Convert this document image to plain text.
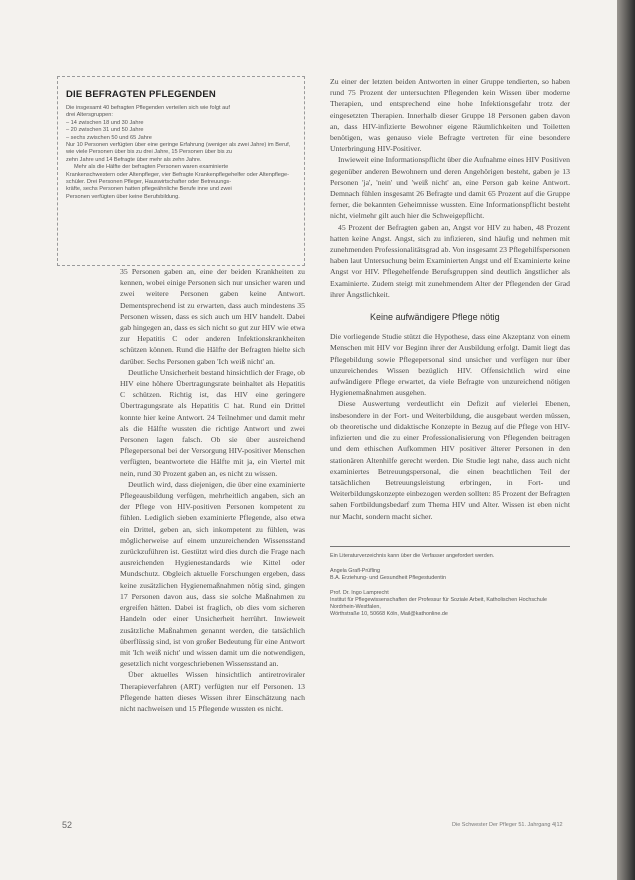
DIE BEFRAGTEN PFLEGENDEN

Die insgesamt 40 befragten Pflegenden verteilen sich wie folgt auf

drei Altersgruppen:

– 14 zwischen 18 und 30 Jahre

– 20 zwischen 31 und 50 Jahre

– sechs zwischen 50 und 65 Jahre

Nur 10 Personen verfügten über eine geringe Erfahrung (weniger als zwei Jahre) im Beruf,

wie viele Personen über bis zu drei Jahre, 15 Personen über bis zu

zehn Jahre und 14 Befragte über mehr als zehn Jahre.

Mehr als die Hälfte der befragten Personen waren examinierte

Krankenschwestern oder Altenpfleger, vier Befragte Krankenpflegehelfer oder Altenpflege-

schüler. Drei Personen Pfleger, Hauswirtschafter oder Betreuungs-

kräfte, sechs Personen hatten pflegeähnliche Berufe inne und zwei

Personen verfügten über keine Berufsbildung.

35 Personen gaben an, eine der beiden Krankheiten zu kennen, wobei einige Personen sich nur unsicher waren und zwei weitere Personen gaben keine Antwort. Dementsprechend ist zu erwarten, dass auch mindestens 35 Personen wissen, dass es sich auch um HIV handelt. Dabei gab hingegen an, dass es sich nicht so gut zur HIV wie etwa zur Hepatitis C oder anderen Infektionskrankheiten schützen können. Rund die Hälfte der Befragten hielte sich darüber. Sechs Personen gaben 'Ich weiß nicht' an.

Deutliche Unsicherheit bestand hinsichtlich der Frage, ob HIV eine höhere Übertragungsrate beinhaltet als Hepatitis C schützen. Richtig ist, das HIV eine geringere Übertragungsrate als Hepatitis C hat. Rund ein Drittel konnte hier keine Antwort. 24 Teilnehmer und damit mehr als die Hälfte wussten die richtige Antwort und zwei Personen lagen falsch. Ob sie über ausreichend Pflegepersonal bei der Versorgung HIV-positiver Menschen verfügten, beantwortete die Hälfte mit ja, ein Viertel mit nein, rund 30 Prozent gaben an, es nicht zu wissen.

Deutlich wird, dass diejenigen, die über eine examinierte Pflegeausbildung verfügen, mehrheitlich angaben, sich an der Pflege von HIV-positiven Personen kompetent zu fühlen. Lediglich sieben examinierte Pflegende, also etwa ein Drittel, geben an, sich inkompetent zu fühlen, was möglicherweise auf einem unzureichenden Wissensstand zurückzuführen ist. Gestützt wird dies durch die Frage nach ausreichenden Hygienestandards wie Kittel oder Mundschutz. Obgleich aktuelle Forschungen ergeben, dass keine zusätzlichen Hygienemaßnahmen nötig sind, gingen 17 Personen davon aus, dass sie solche Maßnahmen zu ergreifen hätten. Dabei ist fraglich, ob dies vom sicheren Handeln oder einer Unsicherheit herrührt. Inwieweit zusätzliche Maßnahmen genannt werden, die tatsächlich überflüssig sind, ist von großer Bedeutung für eine Antwort mit 'Ich weiß nicht' und wissen damit um die notwendigen, gesetzlich nicht vorgeschriebenen Wissensstand an.

Über aktuelles Wissen hinsichtlich antiretroviraler Therapieverfahren (ART) verfügten nur elf Personen. 13 Pflegende hatten dieses Wissen ihrer Einschätzung nach nicht nachweisen und 15 Pflegende wussten es nicht.

Zu einer der letzten beiden Antworten in einer Gruppe tendierten, so haben rund 75 Prozent der untersuchten Pflegenden kein Wissen über moderne Therapien, und entsprechend eine hohe Infektionsgefahr trotz der eingesetzten Therapien. Innerhalb dieser Gruppe 18 Personen gaben davon an, dass HIV-infizierte Bewohner eigene Räumlichkeiten und Toiletten benötigen, was genauso viele Befragte vertreten für eine besondere Unterbringung HIV-Positiver.

Inwieweit eine Informationspflicht über die Aufnahme eines HIV Positiven gegenüber anderen Bewohnern und deren Angehörigen besteht, gaben je 13 Personen 'ja', 'nein' und 'weiß nicht' an, eine Person gab keine Antwort. Demnach fühlen insgesamt 26 Befragte und damit 65 Prozent auf die Gruppe ferner, die bekannten Geheimnisse wussten. Eine Informationspflicht besteht nicht, vielmehr gilt auch hier die Schweigepflicht.

45 Prozent der Befragten gaben an, Angst vor HIV zu haben, 48 Prozent hatten keine Angst. Angst, sich zu infizieren, sind häufig und nehmen mit zunehmenden Professionalitätsgrad ab. Von insgesamt 23 Pflegehilfspersonen haben laut Untersuchung beim Examinierten Angst und elf Examinierte keine Angst vor HIV. Pflegehelfende Berufsgruppen sind deutlich ängstlicher als Examinierte. Zudem steigt mit zunehmendem Alter der Pflegenden der Grad ihrer Ängstlichkeit.

Keine aufwändigere Pflege nötig

Die vorliegende Studie stützt die Hypothese, dass eine Akzeptanz von einem Menschen mit HIV vor Beginn ihrer der Ausbildung erfolgt. Damit liegt das Pflegebildung sowie Pflegepersonal sind unsicher und verfügen nur über unzureichendes Wissen bezüglich HIV. Offensichtlich wird eine aufwändigere Pflege erwartet, da viele Befragte von unzureichend nötigen Hygienemaßnahmen ausgehen.

Diese Auswertung verdeutlicht ein Defizit auf vielerlei Ebenen, insbesondere in der Fort- und Weiterbildung, die ausgebaut werden müssen, ob theoretische und didaktische Konzepte in Bezug auf die Pflege von HIV-infizierten und die zu einer Professionalisierung von Pflegenden beitragen und dem ethischen Aufkommen HIV positiver älterer Personen in den stationären Altenhilfe gerecht werden. Die Studie legt nahe, dass auch nicht examiniertes Betreuungspersonal, die einen beachtlichen Teil der tatsächlichen Betreuungsleistung erbringen, in Fort- und Weiterbildungskonzepte einbezogen werden sollten: 85 Prozent der Befragten sahen Fortbildungsbedarf zum Thema HIV und Alter. Wissen ist eben nicht nur Macht, sondern macht sicher.

Ein Literaturverzeichnis kann über die Verfasser angefordert werden.
Angela Grafl-Prüfling
B.A. Erziehung- und Gesundheit Pflegestudentin
Prof. Dr. Ingo Lamprecht
Institut für Pflegewissenschaften der Professur für Soziale Arbeit, Katholischen Hochschule Nordrhein-Westfalen,
Wörthstraße 10, 50668 Köln, Mail@kathonline.de
52	Die Schwester Der Pfleger 51. Jahrgang 4|12
